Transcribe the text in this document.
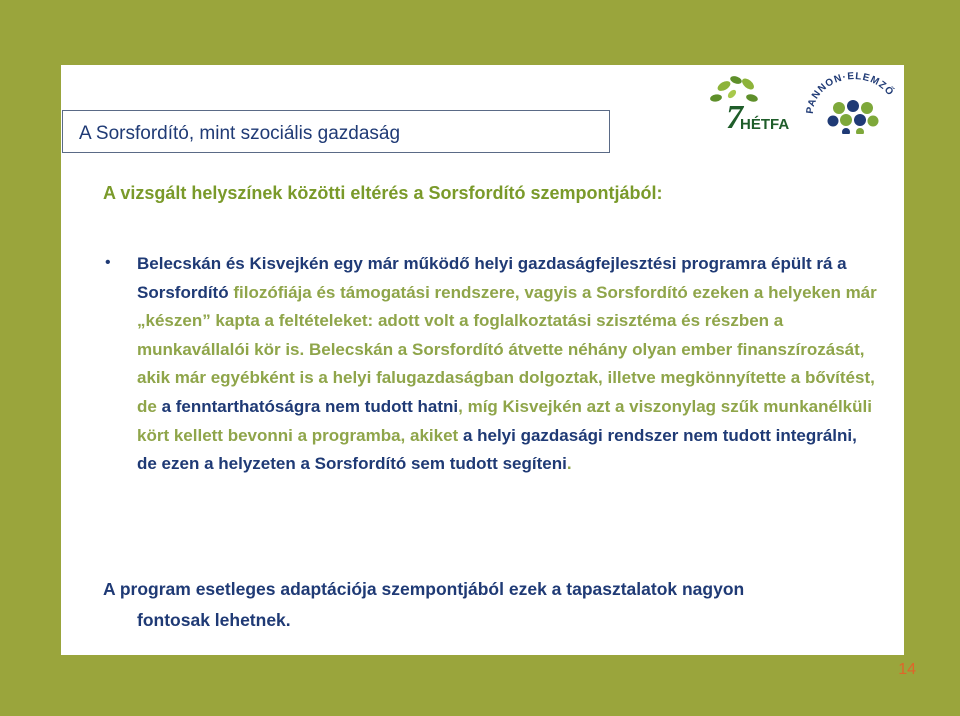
A Sorsfordító, mint szociális gazdaság	7
HÉTFA
PANNON·ELEMZŐ
A vizsgált helyszínek közötti eltérés a Sorsfordító szempontjából:
• Belecskán és Kisvejkén egy már működő helyi gazdaságfejlesztési programra épült rá a Sorsfordító filozófiája és támogatási rendszere, vagyis a Sorsfordító ezeken a helyeken már „készen” kapta a feltételeket: adott volt a foglalkoztatási szisztéma és részben a munkavállalói kör is. Belecskán a Sorsfordító átvette néhány olyan ember finanszírozását, akik már egyébként is a helyi falugazdaságban dolgoztak, illetve megkönnyítette a bővítést, de a fenntarthatóságra nem tudott hatni, míg Kisvejkén azt a viszonylag szűk munkanélküli kört kellett bevonni a programba, akiket a helyi gazdasági rendszer nem tudott integrálni, de ezen a helyzeten a Sorsfordító sem tudott segíteni.
A program esetleges adaptációja szempontjából ezek a tapasztalatok nagyon
fontosak lehetnek.
14
